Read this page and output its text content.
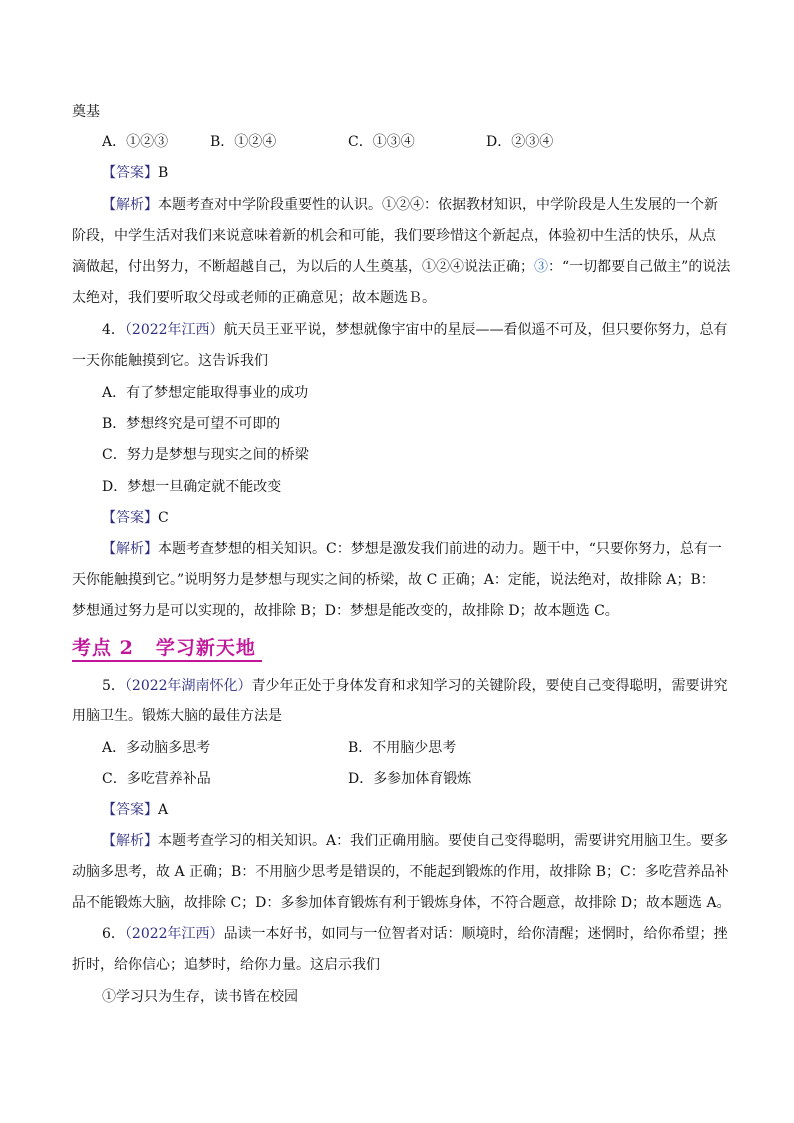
奠基
A．①②③	B．①②④	C．①③④	D．②③④
【答案】B
【解析】本题考查对中学阶段重要性的认识。①②④：依据教材知识，中学阶段是人生发展的一个新
阶段，中学生活对我们来说意味着新的机会和可能，我们要珍惜这个新起点，体验初中生活的快乐，从点
滴做起，付出努力，不断超越自己，为以后的人生奠基，①②④说法正确；③：“一切都要自己做主”的说法
太绝对，我们要听取父母或老师的正确意见；故本题选Ｂ。
4．（2022年江西）航天员王亚平说，梦想就像宇宙中的星辰——看似遥不可及，但只要你努力，总有
一天你能触摸到它。这告诉我们
A．有了梦想定能取得事业的成功
B．梦想终究是可望不可即的
C．努力是梦想与现实之间的桥梁
D．梦想一旦确定就不能改变
【答案】C
【解析】本题考查梦想的相关知识。C：梦想是激发我们前进的动力。题干中，“只要你努力，总有一
天你能触摸到它。”说明努力是梦想与现实之间的桥梁，故 C 正确；A：定能，说法绝对，故排除 A；B：
梦想通过努力是可以实现的，故排除 B；D：梦想是能改变的，故排除 D；故本题选 C。
考点 2 学习新天地
5．（2022年湖南怀化）青少年正处于身体发育和求知学习的关键阶段，要使自己变得聪明，需要讲究
用脑卫生。锻炼大脑的最佳方法是
A．多动脑多思考	B．不用脑少思考
C．多吃营养补品	D．多参加体育锻炼
【答案】A
【解析】本题考查学习的相关知识。A：我们正确用脑。要使自己变得聪明，需要讲究用脑卫生。要多
动脑多思考，故 A 正确；B：不用脑少思考是错误的，不能起到锻炼的作用，故排除 B；C：多吃营养品补
品不能锻炼大脑，故排除 C；D：多参加体育锻炼有利于锻炼身体，不符合题意，故排除 D；故本题选 A。
6．（2022年江西）品读一本好书，如同与一位智者对话：顺境时，给你清醒；迷惘时，给你希望；挫
折时，给你信心；追梦时，给你力量。这启示我们
①学习只为生存，读书皆在校园
